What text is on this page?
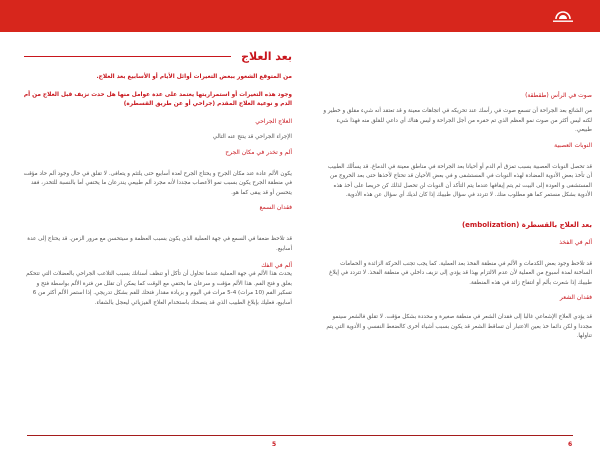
بعد العلاج
من المتوقع الشعور ببعض التغيرات أوائل الأيام أو الأسابيع بعد العلاج.
وجود هذه التغيرات أو استمراريتها يعتمد على عدة عوامل منها هل حدث نزيف قبل العلاج من أم الدم و نوعية العلاج المقدم (جراحي أو عن طريق القسطرة)
العلاج الجراحي
الإجراء الجراحي قد ينتج عنه التالي
ألم و تخدر في مكان الجرح
يكون الألم عادة عند مكان الجرح و يحتاج الجرح لعدة أسابيع حتى يلتئم و يتعافى. لا تقلق في حال وجود ألم حاد مؤقت في منطقة الجرح يكون بسبب نمو الأعصاب مجددا لأنه مجرد ألم طبيعي يندرعان ما يختفي أما بالنسبة للتخدر، فقد يتحسن أو قد يبقى كما هو.
فقدان السمع
قد تلاحظ ضعفا في السمع في جهة العملية الذي يكون بسبب العظمة و سيتحسن مع مرور الزمن. قد يحتاج إلى عدة أسابيع.
ألم في الفك
يحدث هذا الألم في جهة العملية عندما تحاول أن تأكل أو تنظف أسنانك بسبب التلاعب الجراحي بالعضلات التي تتحكم بغلق و فتح الفم. هذا الألم مؤقت و سرعان ما يختفي مع الوقت كما يمكن أن تقلل من فترة الألم بواسطة فتح و تسكير الفم (10 مرات) 4-5 مرات في اليوم و بزيادة مقدار فتحك للفم بشكل تدريجي. إذا استمر الألم أكثر من 6 أسابيع، فعليك بإبلاغ الطبيب الذي قد ينصحك باستخدام العلاج الفيزيائي ليعجل بالشفاء.
صوت في الرأس (طقطقة)
من الشائع بعد الجراحة أن تسمع صوت في رأسك عند تحريكه في اتجاهات معينة و قد تعتقد أنه شيء مقلق و خطير و لكنه ليس أكثر من صوت نمو العظم الذي تم حفره من أجل الجراحة و ليس هناك أي داعي للقلق منه فهذا شيء طبيعي.
النوبات العصبية
قد تحصل النوبات العصبية بسبب تمزق أم الدم أو أحيانا بعد الجراحة في مناطق معينة في الدماغ. قد يسألك الطبيب أن تأخذ بعض الأدوية المضادة لهذه النوبات في المستشفى و في بعض الأحيان قد تحتاج لأخذها حتى بعد الخروج من المستشفى و العودة إلى البيت ثم يتم إيقافها عندما يتم التأكد أن النوبات لن تحصل لذلك كن حريصا على أخذ هذه الأدوية بشكل مستمر كما هو مطلوب منك. لا تتردد في سؤال طبيبك إذا كان لديك أي سؤال عن هذه الأدوية.
بعد العلاج بالقسطرة (embolization)
ألم في الفخذ
قد تلاحظ وجود بعض الكدمات و الألم في منطقة الفخذ بعد العملية. كما يجب تجنب الحركة الزائدة و الحمامات الساخنة لمدة أسبوع من العملية لأن عدم الالتزام بهذا قد يؤدي إلى نزيف داخلي في منطقة الفخذ. لا تتردد في إبلاغ طبيبك إذا شعرت بألم أو انتفاخ زائد في هذه المنطقة.
فقدان الشعر
قد يؤدي العلاج الإشعاعي غالبا إلى فقدان الشعر في منطقة صغيرة و محددة بشكل مؤقت. لا تقلق فالشعر سينمو مجددا و لكن دائما خذ بعين الاعتبار أن تساقط الشعر قد يكون بسبب أشياء أخرى كالضغط النفسي و الأدوية التي يتم تناولها.
5	6
